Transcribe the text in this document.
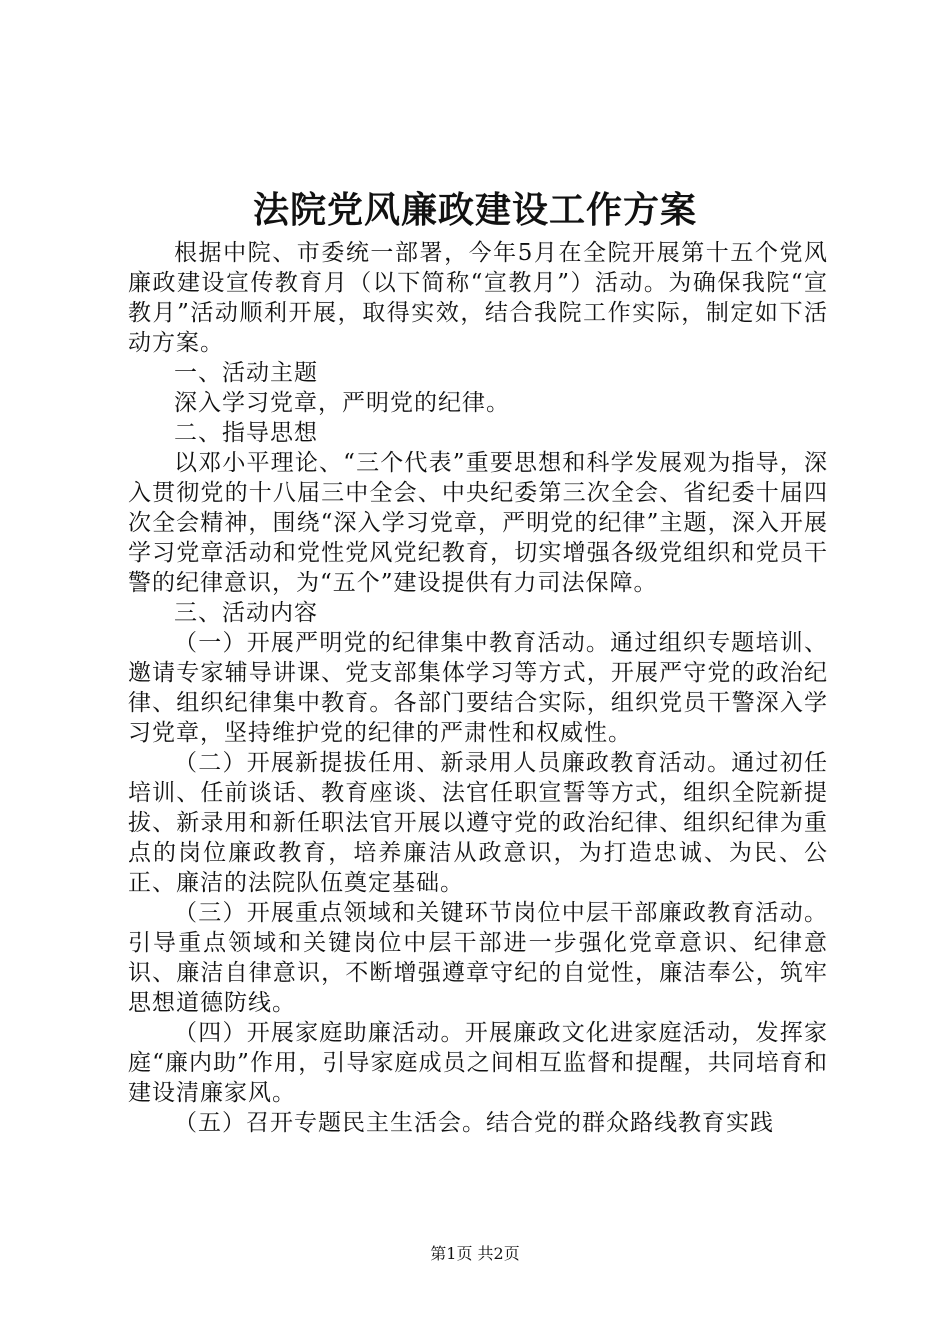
法院党风廉政建设工作方案

根据中院、市委统一部署，今年5月在全院开展第十五个党风廉政建设宣传教育月（以下简称“宣教月”）活动。为确保我院“宣教月”活动顺利开展，取得实效，结合我院工作实际，制定如下活动方案。

一、活动主题

深入学习党章，严明党的纪律。

二、指导思想

以邓小平理论、“三个代表”重要思想和科学发展观为指导，深入贯彻党的十八届三中全会、中央纪委第三次全会、省纪委十届四次全会精神，围绕“深入学习党章，严明党的纪律”主题，深入开展学习党章活动和党性党风党纪教育，切实增强各级党组织和党员干警的纪律意识，为“五个”建设提供有力司法保障。

三、活动内容

（一）开展严明党的纪律集中教育活动。通过组织专题培训、邀请专家辅导讲课、党支部集体学习等方式，开展严守党的政治纪律、组织纪律集中教育。各部门要结合实际，组织党员干警深入学习党章，坚持维护党的纪律的严肃性和权威性。

（二）开展新提拔任用、新录用人员廉政教育活动。通过初任培训、任前谈话、教育座谈、法官任职宣誓等方式，组织全院新提拔、新录用和新任职法官开展以遵守党的政治纪律、组织纪律为重点的岗位廉政教育，培养廉洁从政意识，为打造忠诚、为民、公正、廉洁的法院队伍奠定基础。

（三）开展重点领域和关键环节岗位中层干部廉政教育活动。引导重点领域和关键岗位中层干部进一步强化党章意识、纪律意识、廉洁自律意识，不断增强遵章守纪的自觉性，廉洁奉公，筑牢思想道德防线。

（四）开展家庭助廉活动。开展廉政文化进家庭活动，发挥家庭“廉内助”作用，引导家庭成员之间相互监督和提醒，共同培育和建设清廉家风。

（五）召开专题民主生活会。结合党的群众路线教育实践

第1页 共2页
